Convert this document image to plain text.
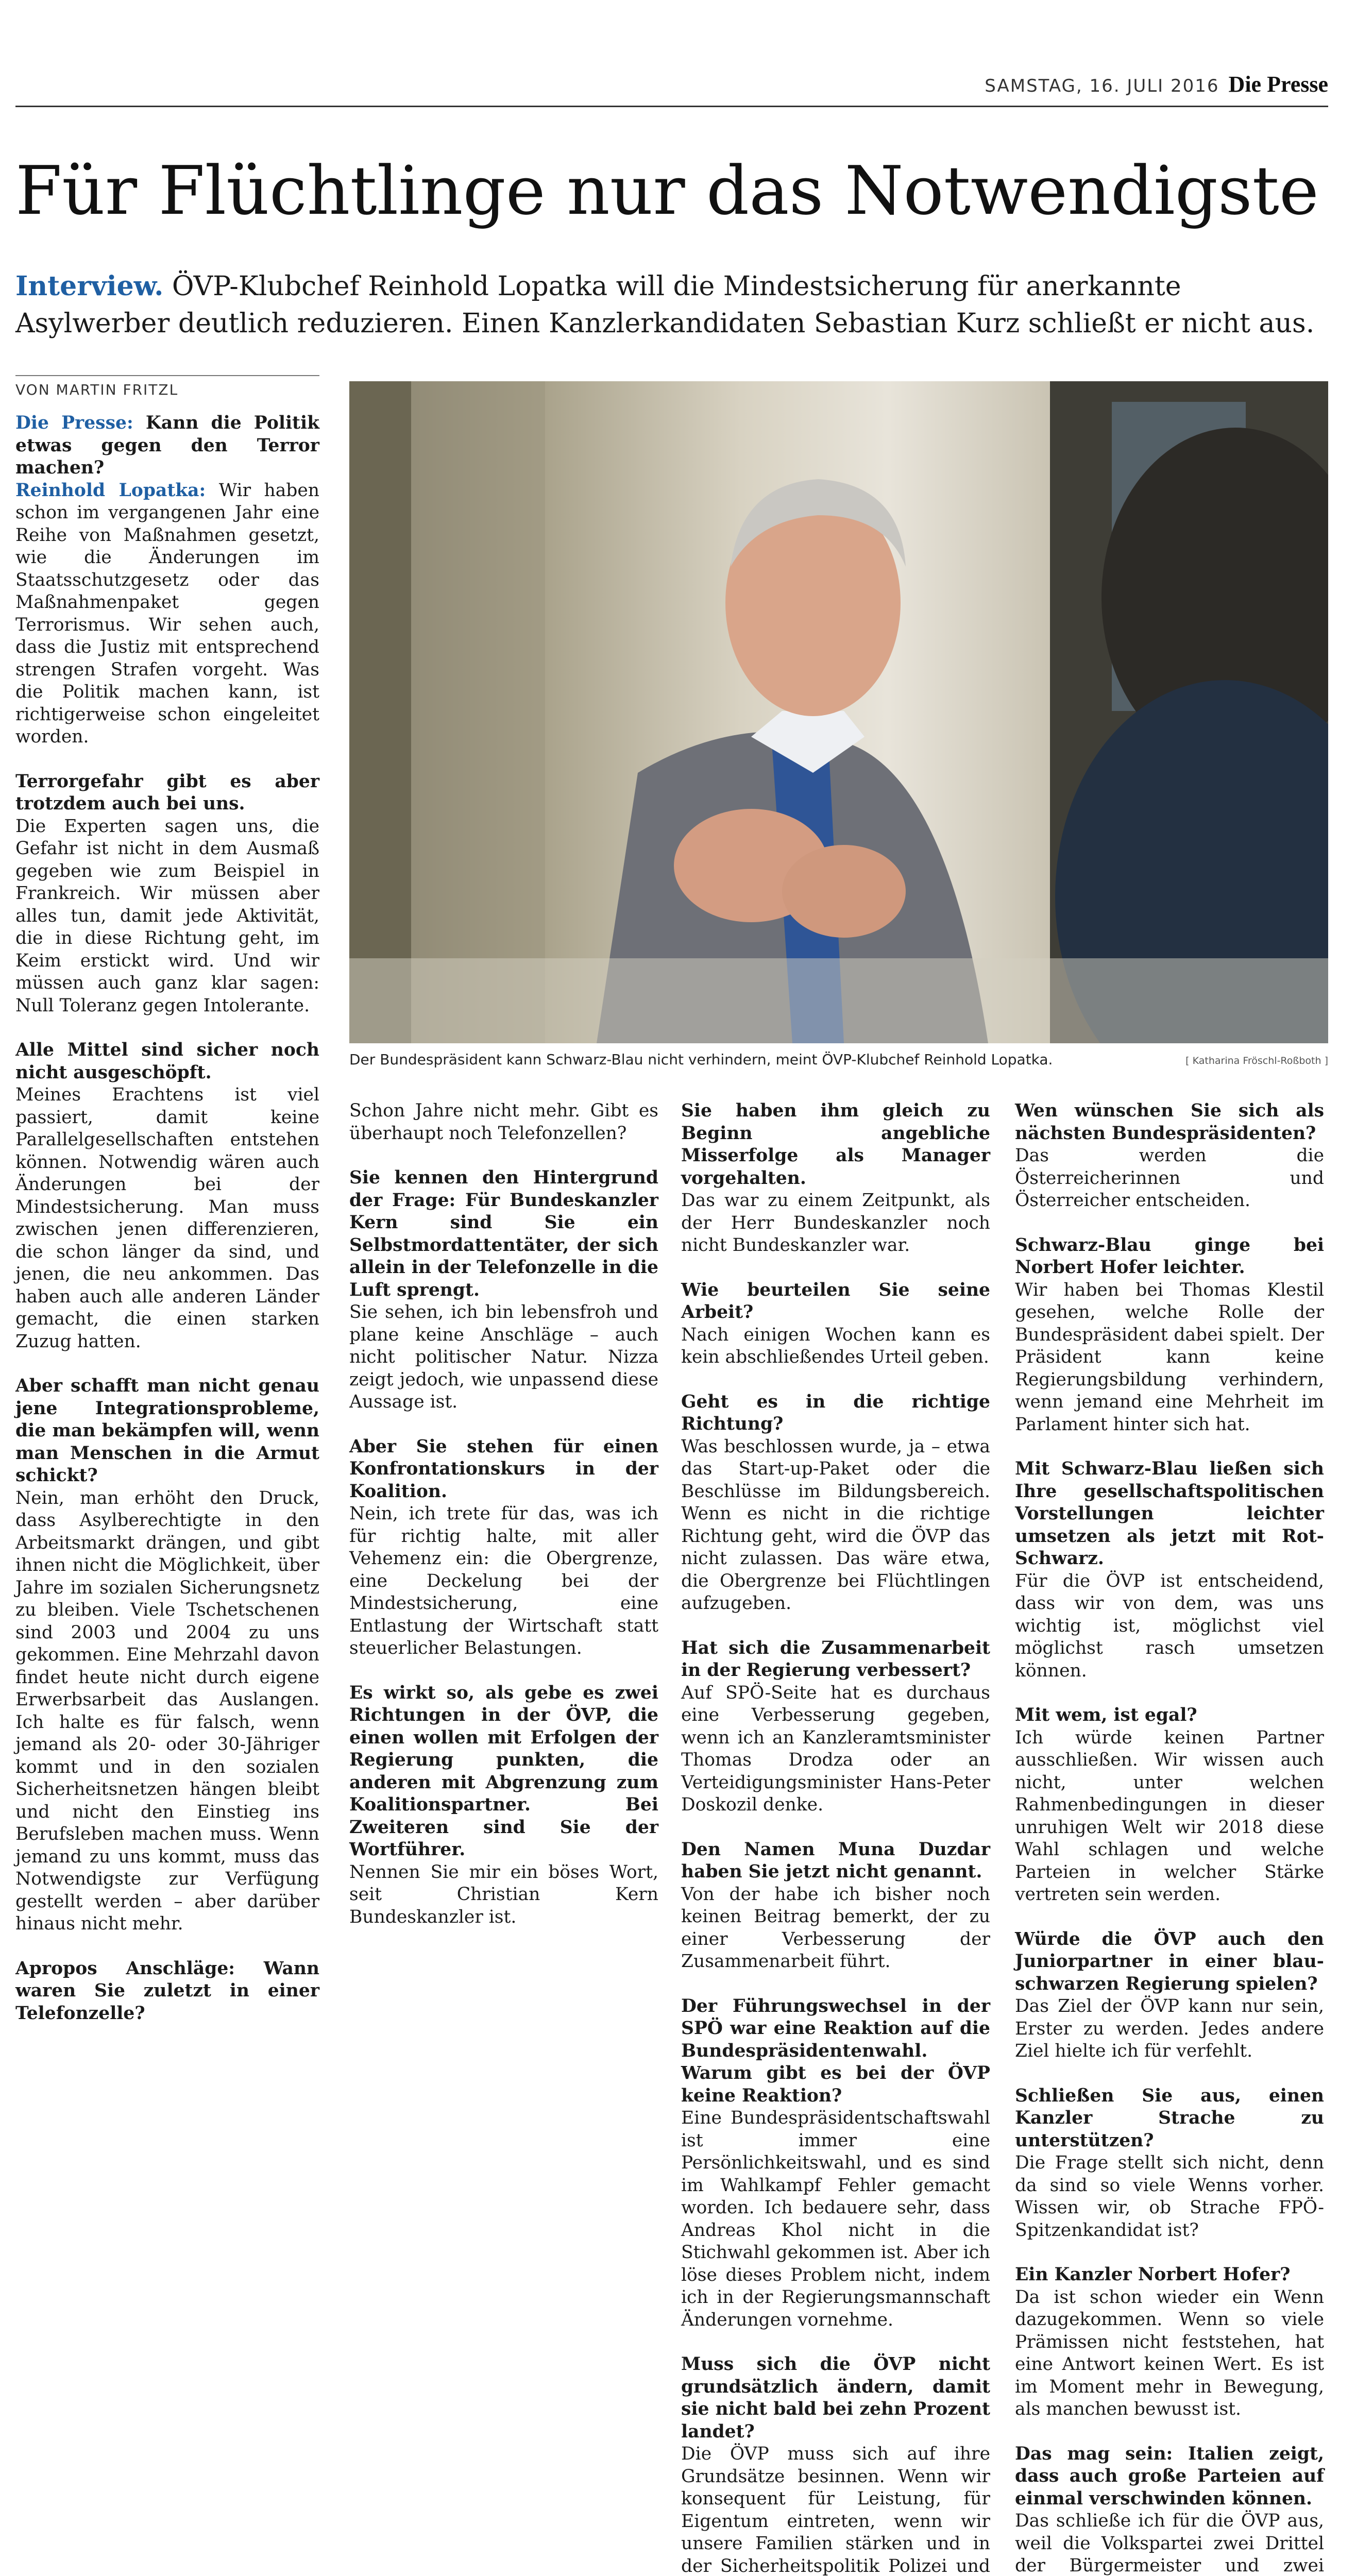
SAMSTAG, 16. JULI 2016 Die Presse
Für Flüchtlinge nur das Notwendigste
Interview. ÖVP-Klubchef Reinhold Lopatka will die Mindestsicherung für anerkannte Asylwerber deutlich reduzieren. Einen Kanzlerkandidaten Sebastian Kurz schließt er nicht aus.
VON MARTIN FRITZL
Der Bundespräsident kann Schwarz-Blau nicht verhindern, meint ÖVP-Klubchef Reinhold Lopatka.	[ Katharina Fröschl-Roßboth ]

Die Presse: Kann die Politik etwas gegen den Terror machen?
Reinhold Lopatka: Wir haben schon im vergangenen Jahr eine Reihe von Maßnahmen gesetzt, wie die Änderungen im Staatsschutzgesetz oder das Maßnahmenpaket gegen Terrorismus. Wir sehen auch, dass die Justiz mit entsprechend strengen Strafen vorgeht. Was die Politik machen kann, ist richtigerweise schon eingeleitet worden.

Terrorgefahr gibt es aber trotzdem auch bei uns.
Die Experten sagen uns, die Gefahr ist nicht in dem Ausmaß gegeben wie zum Beispiel in Frankreich. Wir müssen aber alles tun, damit jede Aktivität, die in diese Richtung geht, im Keim erstickt wird. Und wir müssen auch ganz klar sagen: Null Toleranz gegen Intolerante.

Alle Mittel sind sicher noch nicht ausgeschöpft.
Meines Erachtens ist viel passiert, damit keine Parallelgesellschaften entstehen können. Notwendig wären auch Änderungen bei der Mindestsicherung. Man muss zwischen jenen differenzieren, die schon länger da sind, und jenen, die neu ankommen. Das haben auch alle anderen Länder gemacht, die einen starken Zuzug hatten.

Aber schafft man nicht genau jene Integrationsprobleme, die man bekämpfen will, wenn man Menschen in die Armut schickt?
Nein, man erhöht den Druck, dass Asylberechtigte in den Arbeitsmarkt drängen, und gibt ihnen nicht die Möglichkeit, über Jahre im sozialen Sicherungsnetz zu bleiben. Viele Tschetschenen sind 2003 und 2004 zu uns gekommen. Eine Mehrzahl davon findet heute nicht durch eigene Erwerbsarbeit das Auslangen. Ich halte es für falsch, wenn jemand als 20- oder 30-Jähriger kommt und in den sozialen Sicherheitsnetzen hängen bleibt und nicht den Einstieg ins Berufsleben machen muss. Wenn jemand zu uns kommt, muss das Notwendigste zur Verfügung gestellt werden – aber darüber hinaus nicht mehr.

Apropos Anschläge: Wann waren Sie zuletzt in einer Telefonzelle?

Schon Jahre nicht mehr. Gibt es überhaupt noch Telefonzellen?

Sie kennen den Hintergrund der Frage: Für Bundeskanzler Kern sind Sie ein Selbstmordattentäter, der sich allein in der Telefonzelle in die Luft sprengt.
Sie sehen, ich bin lebensfroh und plane keine Anschläge – auch nicht politischer Natur. Nizza zeigt jedoch, wie unpassend diese Aussage ist.

Aber Sie stehen für einen Konfrontationskurs in der Koalition.
Nein, ich trete für das, was ich für richtig halte, mit aller Vehemenz ein: die Obergrenze, eine Deckelung bei der Mindestsicherung, eine Entlastung der Wirtschaft statt steuerlicher Belastungen.

Es wirkt so, als gebe es zwei Richtungen in der ÖVP, die einen wollen mit Erfolgen der Regierung punkten, die anderen mit Abgrenzung zum Koalitionspartner. Bei Zweiteren sind Sie der Wortführer.
Nennen Sie mir ein böses Wort, seit Christian Kern Bundeskanzler ist.

Sie haben ihm gleich zu Beginn angebliche Misserfolge als Manager vorgehalten.
Das war zu einem Zeitpunkt, als der Herr Bundeskanzler noch nicht Bundeskanzler war.

Wie beurteilen Sie seine Arbeit?
Nach einigen Wochen kann es kein abschließendes Urteil geben.

Geht es in die richtige Richtung?
Was beschlossen wurde, ja – etwa das Start-up-Paket oder die Beschlüsse im Bildungsbereich. Wenn es nicht in die richtige Richtung geht, wird die ÖVP das nicht zulassen. Das wäre etwa, die Obergrenze bei Flüchtlingen aufzugeben.

Hat sich die Zusammenarbeit in der Regierung verbessert?
Auf SPÖ-Seite hat es durchaus eine Verbesserung gegeben, wenn ich an Kanzleramtsminister Thomas Drodza oder an Verteidigungsminister Hans-Peter Doskozil denke.

Den Namen Muna Duzdar haben Sie jetzt nicht genannt.
Von der habe ich bisher noch keinen Beitrag bemerkt, der zu einer Verbesserung der Zusammenarbeit führt.

Der Führungswechsel in der SPÖ war eine Reaktion auf die Bundespräsidentenwahl. Warum gibt es bei der ÖVP keine Reaktion?
Eine Bundespräsidentschaftswahl ist immer eine Persönlichkeitswahl, und es sind im Wahlkampf Fehler gemacht worden. Ich bedauere sehr, dass Andreas Khol nicht in die Stichwahl gekommen ist. Aber ich löse dieses Problem nicht, indem ich in der Regierungsmannschaft Änderungen vornehme.

Muss sich die ÖVP nicht grundsätzlich ändern, damit sie nicht bald bei zehn Prozent landet?
Die ÖVP muss sich auf ihre Grundsätze besinnen. Wenn wir konsequent für Leistung, für Eigentum eintreten, wenn wir unsere Familien stärken und in der Sicherheitspolitik Polizei und

Wen wünschen Sie sich als nächsten Bundespräsidenten?
Das werden die Österreicherinnen und Österreicher entscheiden.

Schwarz-Blau ginge bei Norbert Hofer leichter.
Wir haben bei Thomas Klestil gesehen, welche Rolle der Bundespräsident dabei spielt. Der Präsident kann keine Regierungsbildung verhindern, wenn jemand eine Mehrheit im Parlament hinter sich hat.

Mit Schwarz-Blau ließen sich Ihre gesellschaftspolitischen Vorstellungen leichter umsetzen als jetzt mit Rot-Schwarz.
Für die ÖVP ist entscheidend, dass wir von dem, was uns wichtig ist, möglichst viel möglichst rasch umsetzen können.

Mit wem, ist egal?
Ich würde keinen Partner ausschließen. Wir wissen auch nicht, unter welchen Rahmenbedingungen in dieser unruhigen Welt wir 2018 diese Wahl schlagen und welche Parteien in welcher Stärke vertreten sein werden.

Würde die ÖVP auch den Juniorpartner in einer blau-schwarzen Regierung spielen?
Das Ziel der ÖVP kann nur sein, Erster zu werden. Jedes andere Ziel hielte ich für verfehlt.

Schließen Sie aus, einen Kanzler Strache zu unterstützen?
Die Frage stellt sich nicht, denn da sind so viele Wenns vorher. Wissen wir, ob Strache FPÖ-Spitzenkandidat ist?

Ein Kanzler Norbert Hofer?
Da ist schon wieder ein Wenn dazugekommen. Wenn so viele Prämissen nicht feststehen, hat eine Antwort keinen Wert. Es ist im Moment mehr in Bewegung, als manchen bewusst ist.

Das mag sein: Italien zeigt, dass auch große Parteien auf einmal verschwinden können.
Das schließe ich für die ÖVP aus, weil die Volkspartei zwei Drittel der Bürgermeister und zwei
